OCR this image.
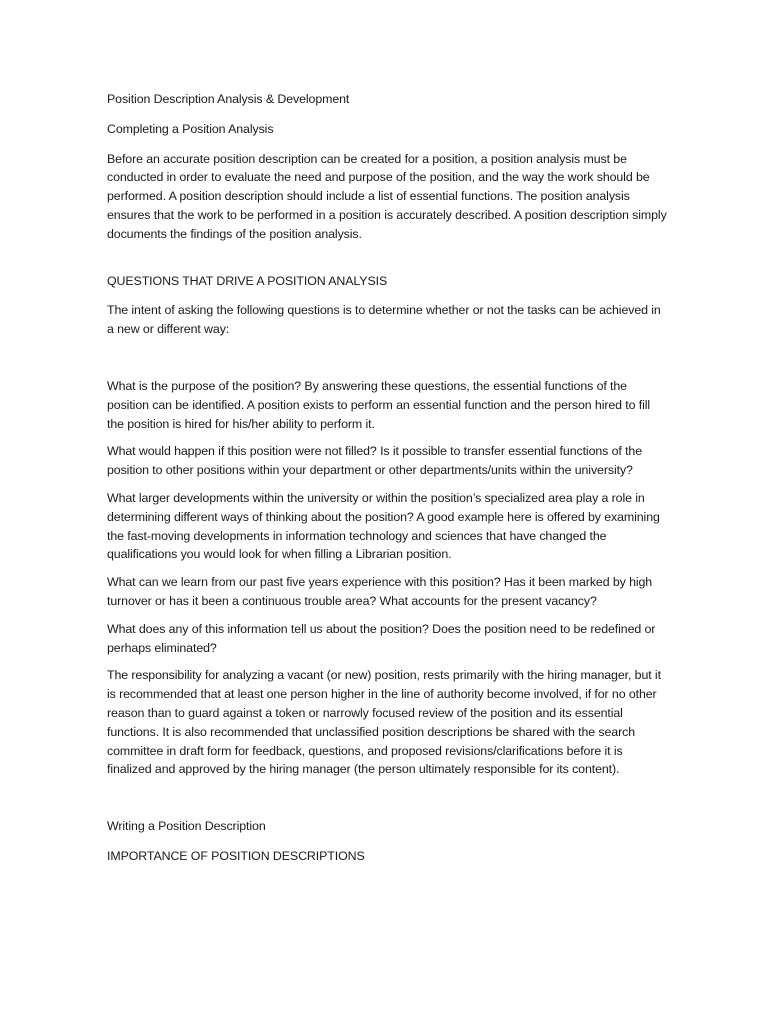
Position Description Analysis & Development

Completing a Position Analysis

Before an accurate position description can be created for a position, a position analysis must be conducted in order to evaluate the need and purpose of the position, and the way the work should be performed. A position description should include a list of essential functions. The position analysis ensures that the work to be performed in a position is accurately described. A position description simply documents the findings of the position analysis.

QUESTIONS THAT DRIVE A POSITION ANALYSIS

The intent of asking the following questions is to determine whether or not the tasks can be achieved in a new or different way:

What is the purpose of the position? By answering these questions, the essential functions of the position can be identified. A position exists to perform an essential function and the person hired to fill the position is hired for his/her ability to perform it.

What would happen if this position were not filled? Is it possible to transfer essential functions of the position to other positions within your department or other departments/units within the university?

What larger developments within the university or within the position’s specialized area play a role in determining different ways of thinking about the position? A good example here is offered by examining the fast-moving developments in information technology and sciences that have changed the qualifications you would look for when filling a Librarian position.

What can we learn from our past five years experience with this position? Has it been marked by high turnover or has it been a continuous trouble area? What accounts for the present vacancy?

What does any of this information tell us about the position? Does the position need to be redefined or perhaps eliminated?

The responsibility for analyzing a vacant (or new) position, rests primarily with the hiring manager, but it is recommended that at least one person higher in the line of authority become involved, if for no other reason than to guard against a token or narrowly focused review of the position and its essential functions. It is also recommended that unclassified position descriptions be shared with the search committee in draft form for feedback, questions, and proposed revisions/clarifications before it is finalized and approved by the hiring manager (the person ultimately responsible for its content).

Writing a Position Description

IMPORTANCE OF POSITION DESCRIPTIONS
